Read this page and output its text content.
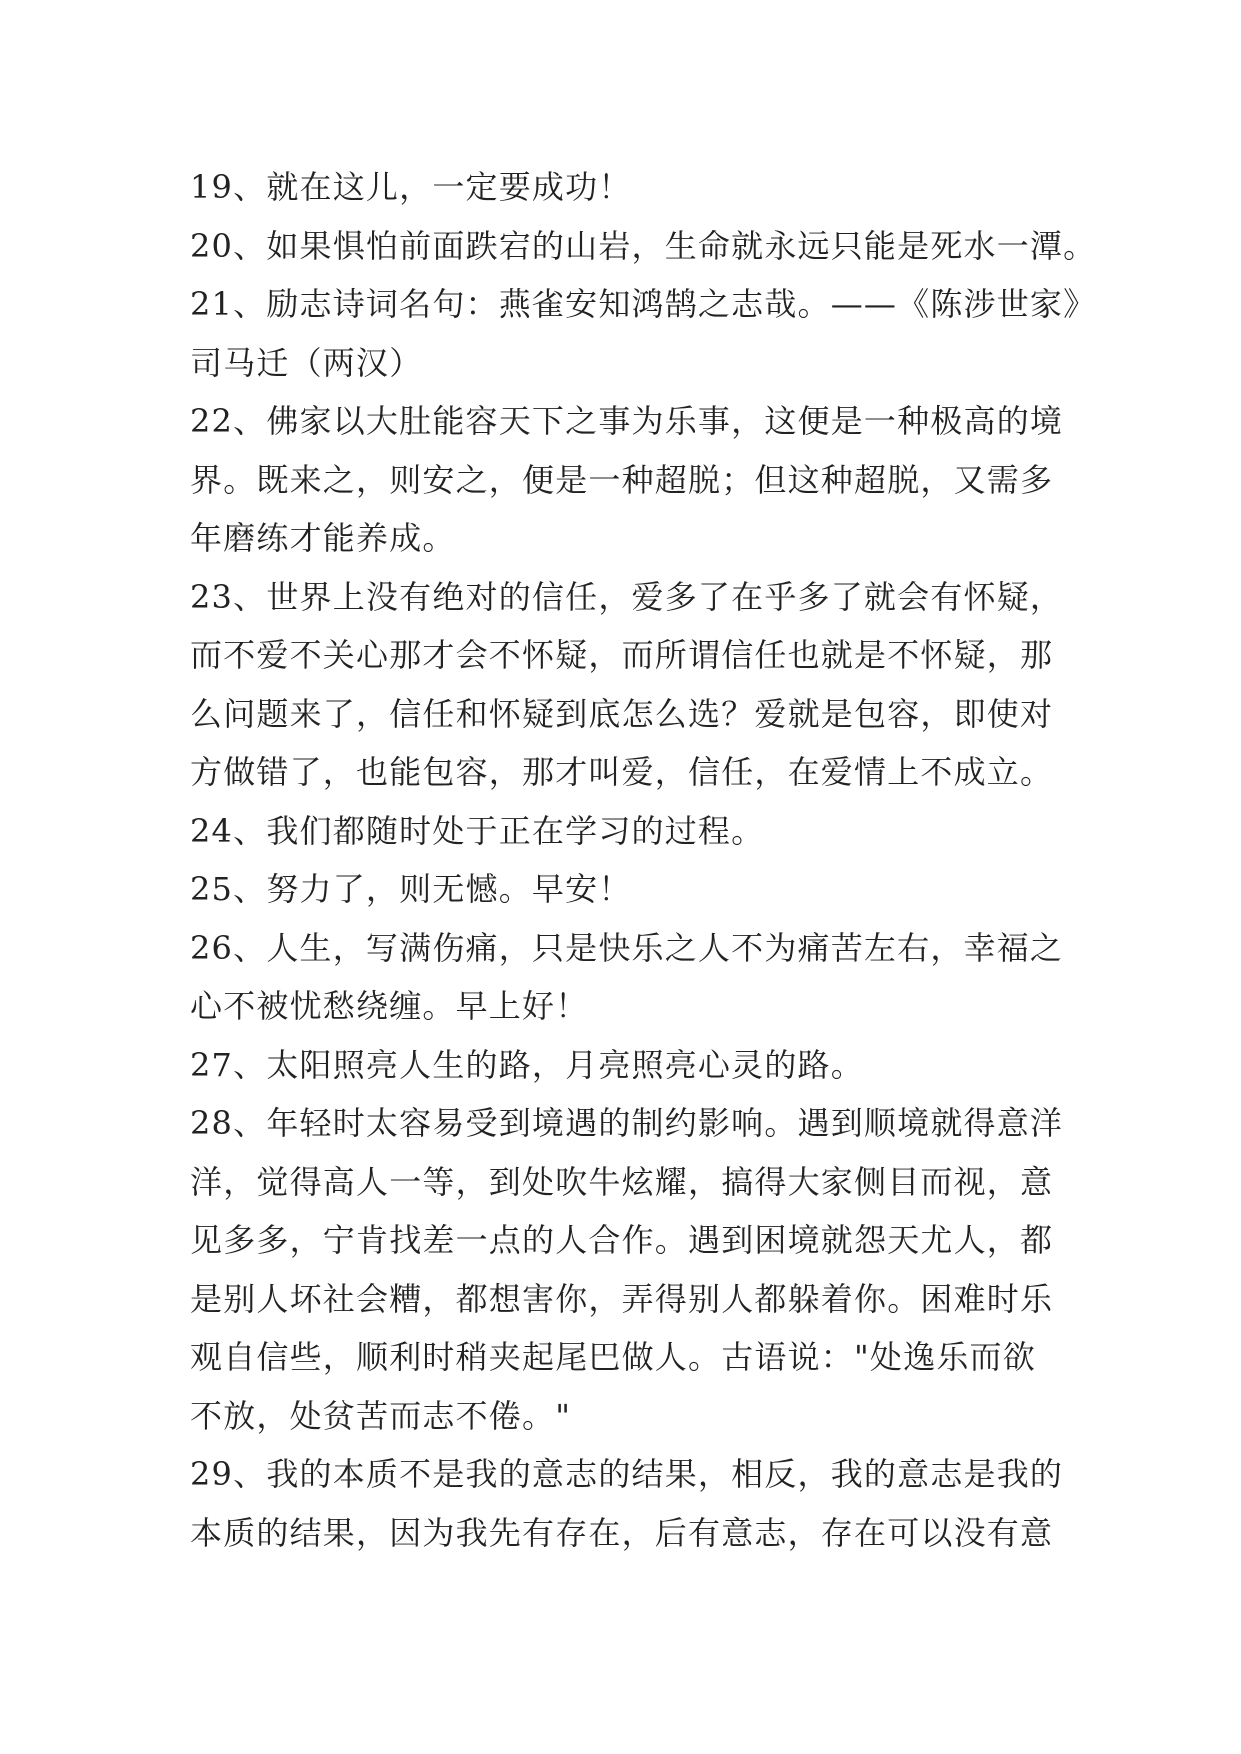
19、就在这儿，一定要成功！
20、如果惧怕前面跌宕的山岩，生命就永远只能是死水一潭。
21、励志诗词名句：燕雀安知鸿鹄之志哉。——《陈涉世家》
司马迁（两汉）
22、佛家以大肚能容天下之事为乐事，这便是一种极高的境
界。既来之，则安之，便是一种超脱；但这种超脱，又需多
年磨练才能养成。
23、世界上没有绝对的信任，爱多了在乎多了就会有怀疑，
而不爱不关心那才会不怀疑，而所谓信任也就是不怀疑，那
么问题来了，信任和怀疑到底怎么选？爱就是包容，即使对
方做错了，也能包容，那才叫爱，信任，在爱情上不成立。
24、我们都随时处于正在学习的过程。
25、努力了，则无憾。早安！
26、人生，写满伤痛，只是快乐之人不为痛苦左右，幸福之
心不被忧愁绕缠。早上好！
27、太阳照亮人生的路，月亮照亮心灵的路。
28、年轻时太容易受到境遇的制约影响。遇到顺境就得意洋
洋，觉得高人一等，到处吹牛炫耀，搞得大家侧目而视，意
见多多，宁肯找差一点的人合作。遇到困境就怨天尤人，都
是别人坏社会糟，都想害你，弄得别人都躲着你。困难时乐
观自信些，顺利时稍夹起尾巴做人。古语说："处逸乐而欲
不放，处贫苦而志不倦。"
29、我的本质不是我的意志的结果，相反，我的意志是我的
本质的结果，因为我先有存在，后有意志，存在可以没有意
